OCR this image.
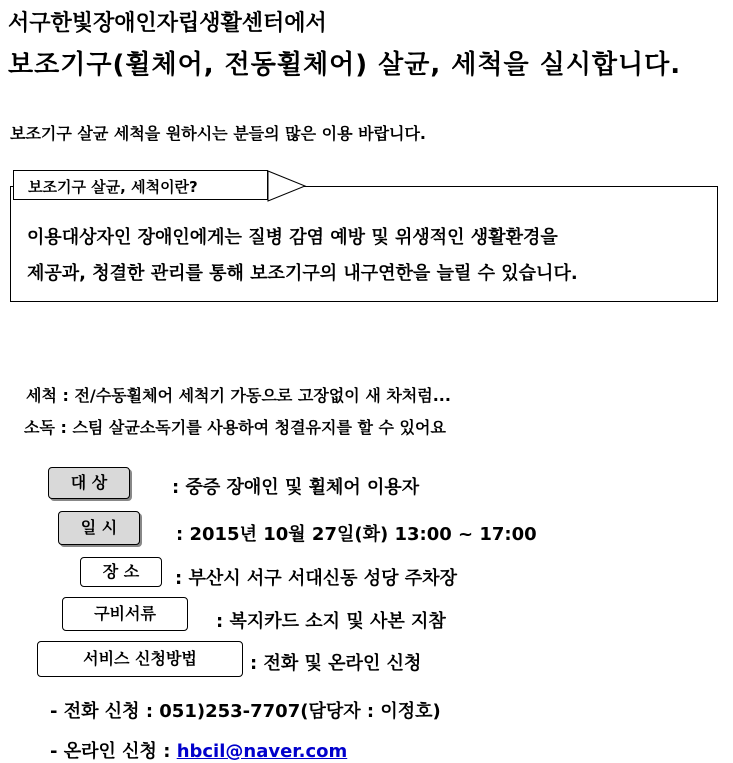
서구한빛장애인자립생활센터에서
보조기구(휠체어, 전동휠체어) 살균, 세척을 실시합니다.
보조기구 살균 세척을 원하시는 분들의 많은 이용 바랍니다.
보조기구 살균, 세척이란?
이용대상자인 장애인에게는 질병 감염 예방 및 위생적인 생활환경을
제공과, 청결한 관리를 통해 보조기구의 내구연한을 늘릴 수 있습니다.
세척 : 전/수동휠체어 세척기 가동으로 고장없이 새 차처럼...
소독 : 스팀 살균소독기를 사용하여 청결유지를 할 수 있어요
대 상	: 중증 장애인 및 휠체어 이용자
일 시	: 2015년 10월 27일(화) 13:00 ~ 17:00
장 소	: 부산시 서구 서대신동 성당 주차장
구비서류	: 복지카드 소지 및 사본 지참
서비스 신청방법	: 전화 및 온라인 신청
- 전화 신청 : 051)253-7707(담당자 : 이정호)
- 온라인 신청 : hbcil@naver.com
